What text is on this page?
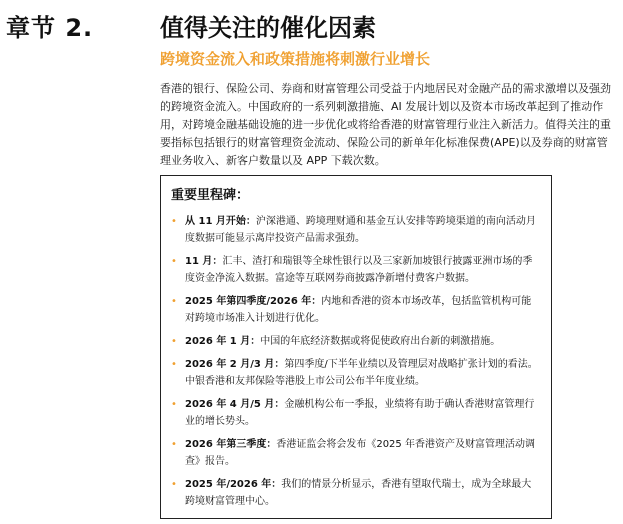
章节 2.	值得关注的催化因素
跨境资金流入和政策措施将刺激行业增长
香港的银行、保险公司、券商和财富管理公司受益于内地居民对金融产品的需求激增以及强劲的跨境资金流入。中国政府的一系列刺激措施、AI 发展计划以及资本市场改革起到了推动作用，对跨境金融基础设施的进一步优化或将给香港的财富管理行业注入新活力。值得关注的重要指标包括银行的财富管理资金流动、保险公司的新单年化标准保费(APE)以及券商的财富管理业务收入、新客户数量以及 APP 下载次数。
重要里程碑：
• 从 11 月开始：沪深港通、跨境理财通和基金互认安排等跨境渠道的南向活动月度数据可能显示离岸投资产品需求强劲。
• 11 月：汇丰、渣打和瑞银等全球性银行以及三家新加坡银行披露亚洲市场的季度资金净流入数据。富途等互联网券商披露净新增付费客户数据。
• 2025 年第四季度/2026 年：内地和香港的资本市场改革，包括监管机构可能对跨境市场准入计划进行优化。
• 2026 年 1 月：中国的年底经济数据或将促使政府出台新的刺激措施。
• 2026 年 2 月/3 月：第四季度/下半年业绩以及管理层对战略扩张计划的看法。中银香港和友邦保险等港股上市公司公布半年度业绩。
• 2026 年 4 月/5 月：金融机构公布一季报，业绩将有助于确认香港财富管理行业的增长势头。
• 2026 年第三季度：香港证监会将会发布《2025 年香港资产及财富管理活动调查》报告。
• 2025 年/2026 年：我们的情景分析显示，香港有望取代瑞士，成为全球最大跨境财富管理中心。
